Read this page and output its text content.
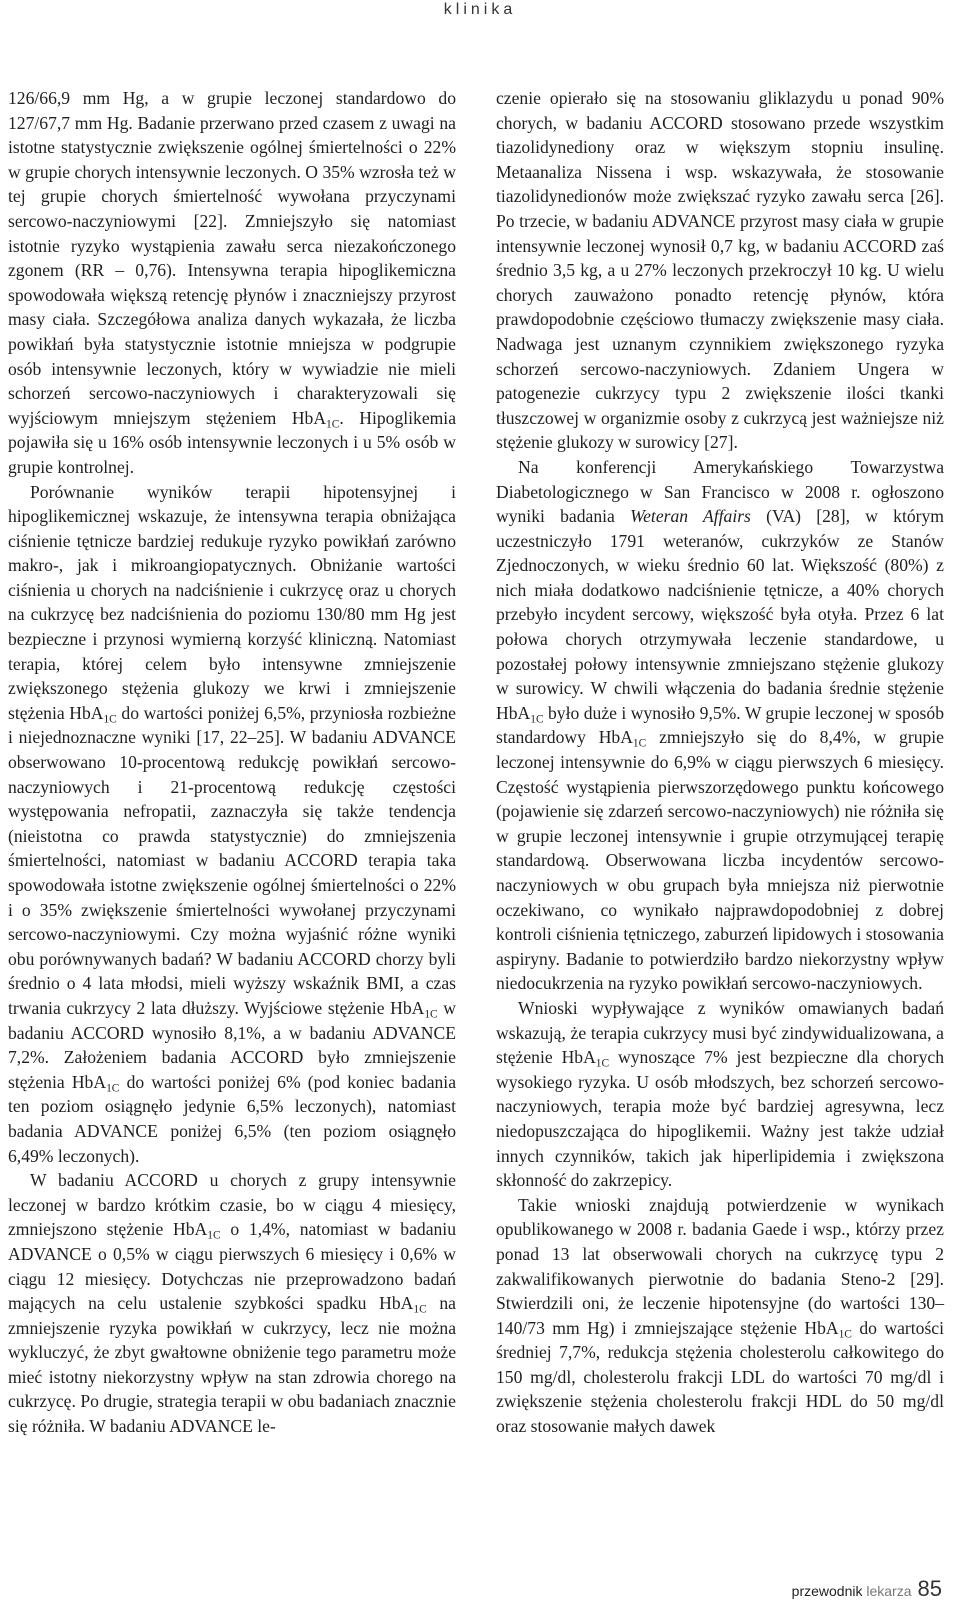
klinika

126/66,9 mm Hg, a w grupie leczonej standardowo do 127/67,7 mm Hg. Badanie przerwano przed czasem z uwagi na istotne statystycznie zwiększenie ogólnej śmiertelności o 22% w grupie chorych intensywnie leczonych. O 35% wzrosła też w tej grupie chorych śmiertelność wywołana przyczynami sercowo-naczyniowymi [22]. Zmniejszyło się natomiast istotnie ryzyko wystąpienia zawału serca niezakończonego zgonem (RR – 0,76). Intensywna terapia hipoglikemiczna spowodowała większą retencję płynów i znaczniejszy przyrost masy ciała. Szczegółowa analiza danych wykazała, że liczba powikłań była statystycznie istotnie mniejsza w podgrupie osób intensywnie leczonych, który w wywiadzie nie mieli schorzeń sercowo-naczyniowych i charakteryzowali się wyjściowym mniejszym stężeniem HbA$_{1C}$. Hipoglikemia pojawiła się u 16% osób intensywnie leczonych i u 5% osób w grupie kontrolnej.

Porównanie wyników terapii hipotensyjnej i hipoglikemicznej wskazuje, że intensywna terapia obniżająca ciśnienie tętnicze bardziej redukuje ryzyko powikłań zarówno makro-, jak i mikroangiopatycznych. Obniżanie wartości ciśnienia u chorych na nadciśnienie i cukrzycę oraz u chorych na cukrzycę bez nadciśnienia do poziomu 130/80 mm Hg jest bezpieczne i przynosi wymierną korzyść kliniczną. Natomiast terapia, której celem było intensywne zmniejszenie zwiększonego stężenia glukozy we krwi i zmniejszenie stężenia HbA$_{1C}$ do wartości poniżej 6,5%, przyniosła rozbieżne i niejednoznaczne wyniki [17, 22–25]. W badaniu ADVANCE obserwowano 10-procentową redukcję powikłań sercowo-naczyniowych i 21-procentową redukcję częstości występowania nefropatii, zaznaczyła się także tendencja (nieistotna co prawda statystycznie) do zmniejszenia śmiertelności, natomiast w badaniu ACCORD terapia taka spowodowała istotne zwiększenie ogólnej śmiertelności o 22% i o 35% zwiększenie śmiertelności wywołanej przyczynami sercowo-naczyniowymi. Czy można wyjaśnić różne wyniki obu porównywanych badań? W badaniu ACCORD chorzy byli średnio o 4 lata młodsi, mieli wyższy wskaźnik BMI, a czas trwania cukrzycy 2 lata dłuższy. Wyjściowe stężenie HbA$_{1C}$ w badaniu ACCORD wynosiło 8,1%, a w badaniu ADVANCE 7,2%. Założeniem badania ACCORD było zmniejszenie stężenia HbA$_{1C}$ do wartości poniżej 6% (pod koniec badania ten poziom osiągnęło jedynie 6,5% leczonych), natomiast badania ADVANCE poniżej 6,5% (ten poziom osiągnęło 6,49% leczonych).

W badaniu ACCORD u chorych z grupy intensywnie leczonej w bardzo krótkim czasie, bo w ciągu 4 miesięcy, zmniejszono stężenie HbA$_{1C}$ o 1,4%, natomiast w badaniu ADVANCE o 0,5% w ciągu pierwszych 6 miesięcy i 0,6% w ciągu 12 miesięcy. Dotychczas nie przeprowadzono badań mających na celu ustalenie szybkości spadku HbA$_{1C}$ na zmniejszenie ryzyka powikłań w cukrzycy, lecz nie można wykluczyć, że zbyt gwałtowne obniżenie tego parametru może mieć istotny niekorzystny wpływ na stan zdrowia chorego na cukrzycę. Po drugie, strategia terapii w obu badaniach znacznie się różniła. W badaniu ADVANCE le-

czenie opierało się na stosowaniu gliklazydu u ponad 90% chorych, w badaniu ACCORD stosowano przede wszystkim tiazolidynediony oraz w większym stopniu insulinę. Metaanaliza Nissena i wsp. wskazywała, że stosowanie tiazolidynedionów może zwiększać ryzyko zawału serca [26]. Po trzecie, w badaniu ADVANCE przyrost masy ciała w grupie intensywnie leczonej wynosił 0,7 kg, w badaniu ACCORD zaś średnio 3,5 kg, a u 27% leczonych przekroczył 10 kg. U wielu chorych zauważono ponadto retencję płynów, która prawdopodobnie częściowo tłumaczy zwiększenie masy ciała. Nadwaga jest uznanym czynnikiem zwiększonego ryzyka schorzeń sercowo-naczyniowych. Zdaniem Ungera w patogenezie cukrzycy typu 2 zwiększenie ilości tkanki tłuszczowej w organizmie osoby z cukrzycą jest ważniejsze niż stężenie glukozy w surowicy [27].

Na konferencji Amerykańskiego Towarzystwa Diabetologicznego w San Francisco w 2008 r. ogłoszono wyniki badania Weteran Affairs (VA) [28], w którym uczestniczyło 1791 weteranów, cukrzyków ze Stanów Zjednoczonych, w wieku średnio 60 lat. Większość (80%) z nich miała dodatkowo nadciśnienie tętnicze, a 40% chorych przebyło incydent sercowy, większość była otyła. Przez 6 lat połowa chorych otrzymywała leczenie standardowe, u pozostałej połowy intensywnie zmniejszano stężenie glukozy w surowicy. W chwili włączenia do badania średnie stężenie HbA$_{1C}$ było duże i wynosiło 9,5%. W grupie leczonej w sposób standardowy HbA$_{1C}$ zmniejszyło się do 8,4%, w grupie leczonej intensywnie do 6,9% w ciągu pierwszych 6 miesięcy. Częstość wystąpienia pierwszorzędowego punktu końcowego (pojawienie się zdarzeń sercowo-naczyniowych) nie różniła się w grupie leczonej intensywnie i grupie otrzymującej terapię standardową. Obserwowana liczba incydentów sercowo-naczyniowych w obu grupach była mniejsza niż pierwotnie oczekiwano, co wynikało najprawdopodobniej z dobrej kontroli ciśnienia tętniczego, zaburzeń lipidowych i stosowania aspiryny. Badanie to potwierdziło bardzo niekorzystny wpływ niedocukrzenia na ryzyko powikłań sercowo-naczyniowych.

Wnioski wypływające z wyników omawianych badań wskazują, że terapia cukrzycy musi być zindywidualizowana, a stężenie HbA$_{1C}$ wynoszące 7% jest bezpieczne dla chorych wysokiego ryzyka. U osób młodszych, bez schorzeń sercowo-naczyniowych, terapia może być bardziej agresywna, lecz niedopuszczająca do hipoglikemii. Ważny jest także udział innych czynników, takich jak hiperlipidemia i zwiększona skłonność do zakrzepicy.

Takie wnioski znajdują potwierdzenie w wynikach opublikowanego w 2008 r. badania Gaede i wsp., którzy przez ponad 13 lat obserwowali chorych na cukrzycę typu 2 zakwalifikowanych pierwotnie do badania Steno-2 [29]. Stwierdzili oni, że leczenie hipotensyjne (do wartości 130–140/73 mm Hg) i zmniejszające stężenie HbA$_{1C}$ do wartości średniej 7,7%, redukcja stężenia cholesterolu całkowitego do 150 mg/dl, cholesterolu frakcji LDL do wartości 70 mg/dl i zwiększenie stężenia cholesterolu frakcji HDL do 50 mg/dl oraz stosowanie małych dawek

przewodnik lekarza 85
